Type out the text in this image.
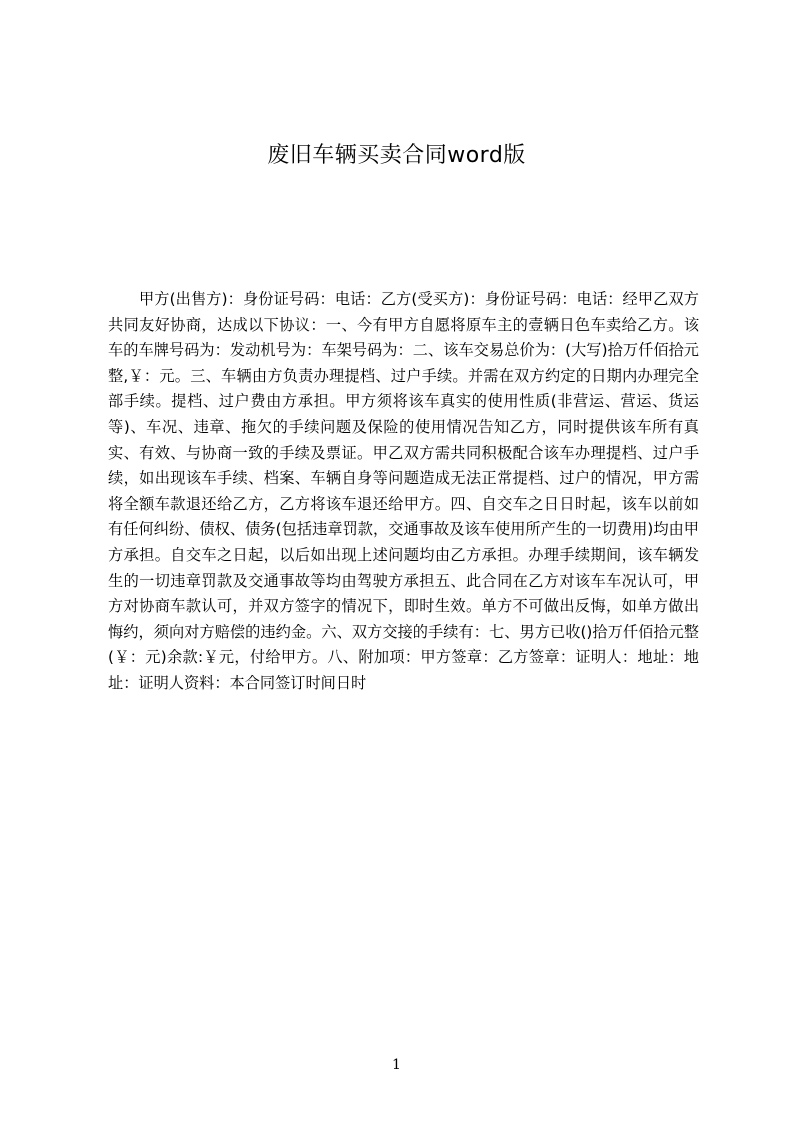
废旧车辆买卖合同word版

甲方(出售方)：身份证号码：电话：乙方(受买方)：身份证号码：电话：经甲乙双方共同友好协商，达成以下协议：一、今有甲方自愿将原车主的壹辆日色车卖给乙方。该车的车牌号码为：发动机号为：车架号码为：二、该车交易总价为：(大写)拾万仟佰拾元整,￥：元。三、车辆由方负责办理提档、过户手续。并需在双方约定的日期内办理完全部手续。提档、过户费由方承担。甲方须将该车真实的使用性质(非营运、营运、货运等)、车况、违章、拖欠的手续问题及保险的使用情况告知乙方，同时提供该车所有真实、有效、与协商一致的手续及票证。甲乙双方需共同积极配合该车办理提档、过户手续，如出现该车手续、档案、车辆自身等问题造成无法正常提档、过户的情况，甲方需将全额车款退还给乙方，乙方将该车退还给甲方。四、自交车之日日时起，该车以前如有任何纠纷、债权、债务(包括违章罚款，交通事故及该车使用所产生的一切费用)均由甲方承担。自交车之日起，以后如出现上述问题均由乙方承担。办理手续期间，该车辆发生的一切违章罚款及交通事故等均由驾驶方承担五、此合同在乙方对该车车况认可，甲方对协商车款认可，并双方签字的情况下，即时生效。单方不可做出反悔，如单方做出悔约，须向对方赔偿的违约金。六、双方交接的手续有：七、男方已收()拾万仟佰拾元整(￥：元)余款:￥元，付给甲方。八、附加项：甲方签章：乙方签章：证明人：地址：地址：证明人资料：本合同签订时间日时

1
